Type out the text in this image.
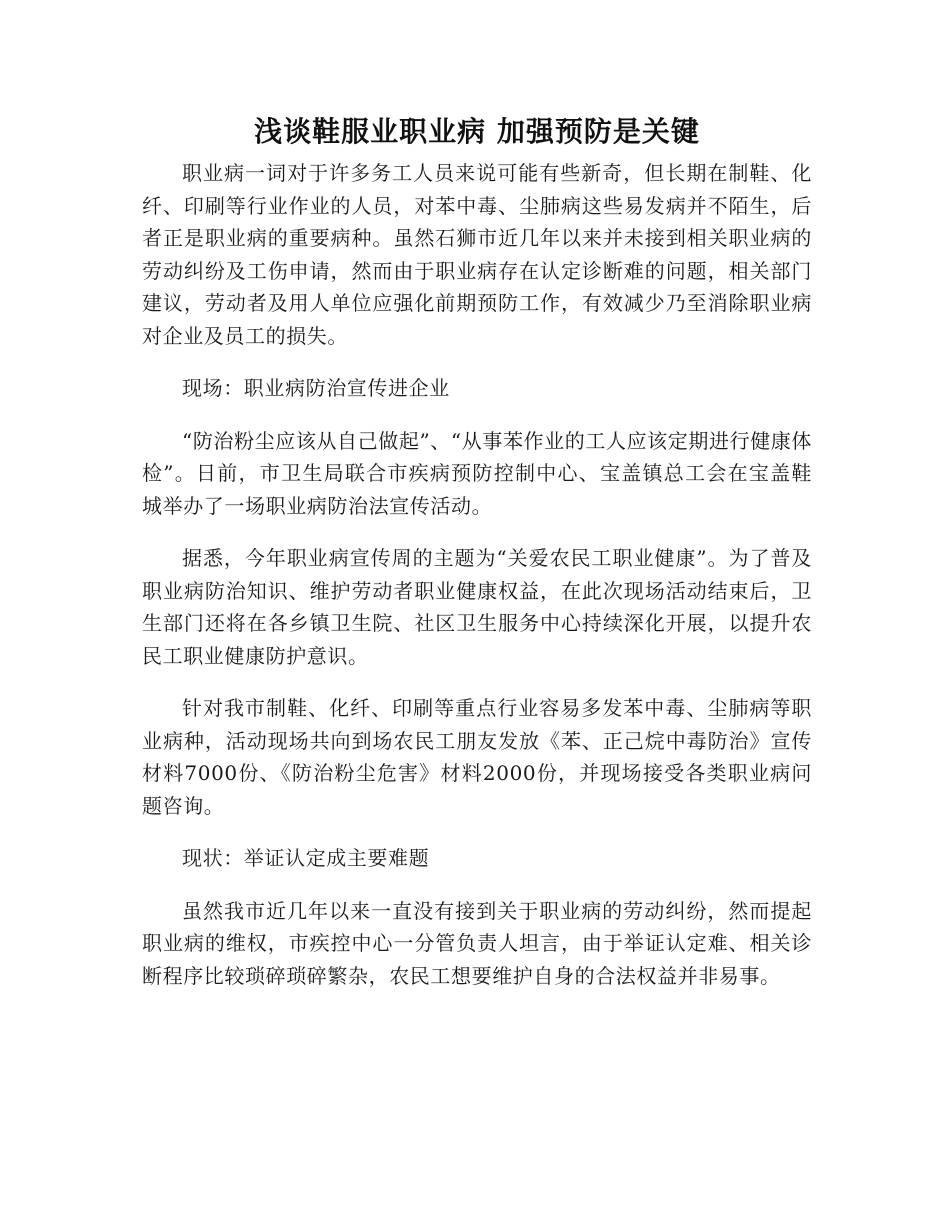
浅谈鞋服业职业病 加强预防是关键

职业病一词对于许多务工人员来说可能有些新奇，但长期在制鞋、化纤、印刷等行业作业的人员，对苯中毒、尘肺病这些易发病并不陌生，后者正是职业病的重要病种。虽然石狮市近几年以来并未接到相关职业病的劳动纠纷及工伤申请，然而由于职业病存在认定诊断难的问题，相关部门建议，劳动者及用人单位应强化前期预防工作，有效减少乃至消除职业病对企业及员工的损失。

现场：职业病防治宣传进企业

“防治粉尘应该从自己做起”、“从事苯作业的工人应该定期进行健康体检”。日前，市卫生局联合市疾病预防控制中心、宝盖镇总工会在宝盖鞋城举办了一场职业病防治法宣传活动。

据悉，今年职业病宣传周的主题为“关爱农民工职业健康”。为了普及职业病防治知识、维护劳动者职业健康权益，在此次现场活动结束后，卫生部门还将在各乡镇卫生院、社区卫生服务中心持续深化开展，以提升农民工职业健康防护意识。

针对我市制鞋、化纤、印刷等重点行业容易多发苯中毒、尘肺病等职业病种，活动现场共向到场农民工朋友发放《苯、正己烷中毒防治》宣传材料7000份、《防治粉尘危害》材料2000份，并现场接受各类职业病问题咨询。

现状：举证认定成主要难题

虽然我市近几年以来一直没有接到关于职业病的劳动纠纷，然而提起职业病的维权，市疾控中心一分管负责人坦言，由于举证认定难、相关诊断程序比较琐碎琐碎繁杂，农民工想要维护自身的合法权益并非易事。
